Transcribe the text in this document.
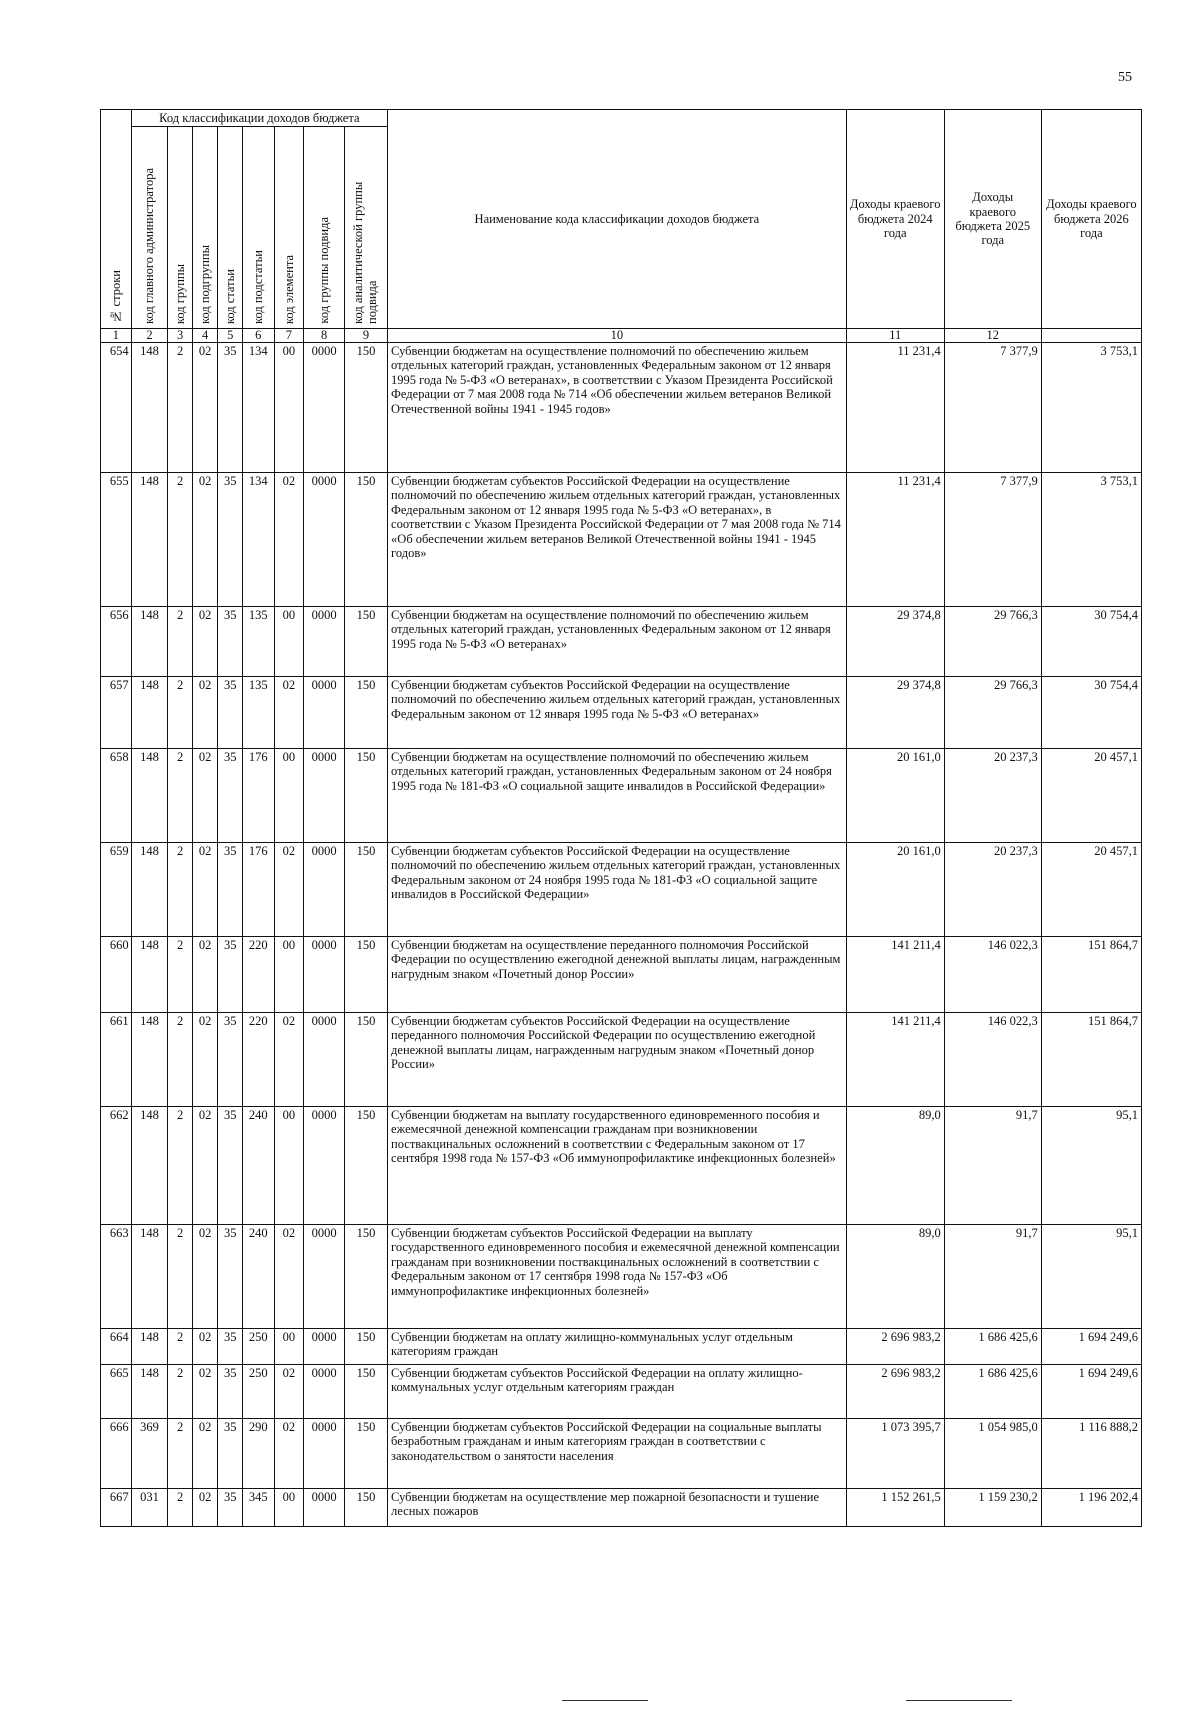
55
№ строки	Код классификации доходов бюджета								Наименование кода классификации доходов бюджета	Доходы краевого бюджета 2024 года	Доходы краевого бюджета 2025 года	Доходы краевого бюджета 2026 года

	код главного администратора	код группы	код подгруппы	код статьи	код подстатьи	код элемента	код группы подвида	код аналитической группы подвида				

1	2	3	4	5	6	7	8	9	10	11	12	
654	148	2	02	35	134	00	0000	150	Субвенции бюджетам на осуществление полномочий по обеспечению жильем отдельных категорий граждан, установленных Федеральным законом от 12 января 1995 года № 5-ФЗ «О ветеранах», в соответствии с Указом Президента Российской Федерации от 7 мая 2008 года № 714 «Об обеспечении жильем ветеранов Великой Отечественной войны 1941 - 1945 годов»	11 231,4	7 377,9	3 753,1
655	148	2	02	35	134	02	0000	150	Субвенции бюджетам субъектов Российской Федерации на осуществление полномочий по обеспечению жильем отдельных категорий граждан, установленных Федеральным законом от 12 января 1995 года № 5-ФЗ «О ветеранах», в соответствии с Указом Президента Российской Федерации от 7 мая 2008 года № 714 «Об обеспечении жильем ветеранов Великой Отечественной войны 1941 - 1945 годов»	11 231,4	7 377,9	3 753,1
656	148	2	02	35	135	00	0000	150	Субвенции бюджетам на осуществление полномочий по обеспечению жильем отдельных категорий граждан, установленных Федеральным законом от 12 января 1995 года № 5-ФЗ «О ветеранах»	29 374,8	29 766,3	30 754,4
657	148	2	02	35	135	02	0000	150	Субвенции бюджетам субъектов Российской Федерации на осуществление полномочий по обеспечению жильем отдельных категорий граждан, установленных Федеральным законом от 12 января 1995 года № 5-ФЗ «О ветеранах»	29 374,8	29 766,3	30 754,4
658	148	2	02	35	176	00	0000	150	Субвенции бюджетам на осуществление полномочий по обеспечению жильем отдельных категорий граждан, установленных Федеральным законом от 24 ноября 1995 года № 181-ФЗ «О социальной защите инвалидов в Российской Федерации»	20 161,0	20 237,3	20 457,1
659	148	2	02	35	176	02	0000	150	Субвенции бюджетам субъектов Российской Федерации на осуществление полномочий по обеспечению жильем отдельных категорий граждан, установленных Федеральным законом от 24 ноября 1995 года № 181-ФЗ «О социальной защите инвалидов в Российской Федерации»	20 161,0	20 237,3	20 457,1
660	148	2	02	35	220	00	0000	150	Субвенции бюджетам на осуществление переданного полномочия Российской Федерации по осуществлению ежегодной денежной выплаты лицам, награжденным нагрудным знаком «Почетный донор России»	141 211,4	146 022,3	151 864,7
661	148	2	02	35	220	02	0000	150	Субвенции бюджетам субъектов Российской Федерации на осуществление переданного полномочия Российской Федерации по осуществлению ежегодной денежной выплаты лицам, награжденным нагрудным знаком «Почетный донор России»	141 211,4	146 022,3	151 864,7
662	148	2	02	35	240	00	0000	150	Субвенции бюджетам на выплату государственного единовременного пособия и ежемесячной денежной компенсации гражданам при возникновении поствакцинальных осложнений в соответствии с Федеральным законом от 17 сентября 1998 года № 157-ФЗ «Об иммунопрофилактике инфекционных болезней»	89,0	91,7	95,1
663	148	2	02	35	240	02	0000	150	Субвенции бюджетам субъектов Российской Федерации на выплату государственного единовременного пособия и ежемесячной денежной компенсации гражданам при возникновении поствакцинальных осложнений в соответствии с Федеральным законом от 17 сентября 1998 года № 157-ФЗ «Об иммунопрофилактике инфекционных болезней»	89,0	91,7	95,1
664	148	2	02	35	250	00	0000	150	Субвенции бюджетам на оплату жилищно-коммунальных услуг отдельным категориям граждан	2 696 983,2	1 686 425,6	1 694 249,6
665	148	2	02	35	250	02	0000	150	Субвенции бюджетам субъектов Российской Федерации на оплату жилищно-коммунальных услуг отдельным категориям граждан	2 696 983,2	1 686 425,6	1 694 249,6
666	369	2	02	35	290	02	0000	150	Субвенции бюджетам субъектов Российской Федерации на социальные выплаты безработным гражданам и иным категориям граждан в соответствии с законодательством о занятости населения	1 073 395,7	1 054 985,0	1 116 888,2
667	031	2	02	35	345	00	0000	150	Субвенции бюджетам на осуществление мер пожарной безопасности и тушение лесных пожаров	1 152 261,5	1 159 230,2	1 196 202,4
